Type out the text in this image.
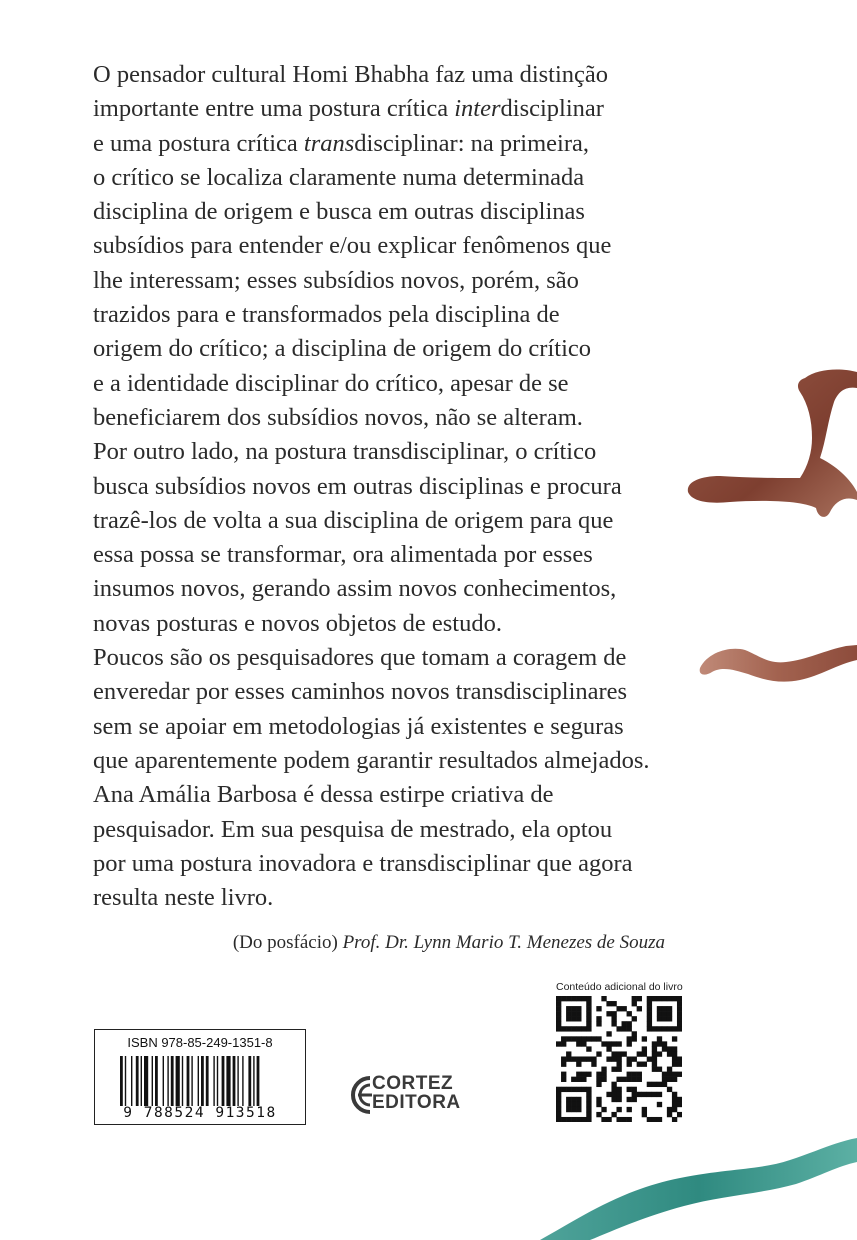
O pensador cultural Homi Bhabha faz uma distinção
importante entre uma postura crítica interdisciplinar
e uma postura crítica transdisciplinar: na primeira,
o crítico se localiza claramente numa determinada
disciplina de origem e busca em outras disciplinas
subsídios para entender e/ou explicar fenômenos que
lhe interessam; esses subsídios novos, porém, são
trazidos para e transformados pela disciplina de
origem do crítico; a disciplina de origem do crítico
e a identidade disciplinar do crítico, apesar de se
beneficiarem dos subsídios novos, não se alteram.
Por outro lado, na postura transdisciplinar, o crítico
busca subsídios novos em outras disciplinas e procura
trazê-los de volta a sua disciplina de origem para que
essa possa se transformar, ora alimentada por esses
insumos novos, gerando assim novos conhecimentos,
novas posturas e novos objetos de estudo.
Poucos são os pesquisadores que tomam a coragem de
enveredar por esses caminhos novos transdisciplinares
sem se apoiar em metodologias já existentes e seguras
que aparentemente podem garantir resultados almejados.
Ana Amália Barbosa é dessa estirpe criativa de
pesquisador. Em sua pesquisa de mestrado, ela optou
por uma postura inovadora e transdisciplinar que agora
resulta neste livro.
(Do posfácio) Prof. Dr. Lynn Mario T. Menezes de Souza
ISBN 978-85-249-1351-8
9 788524 913518
CORTEZ
EDITORA
Conteúdo adicional do livro
